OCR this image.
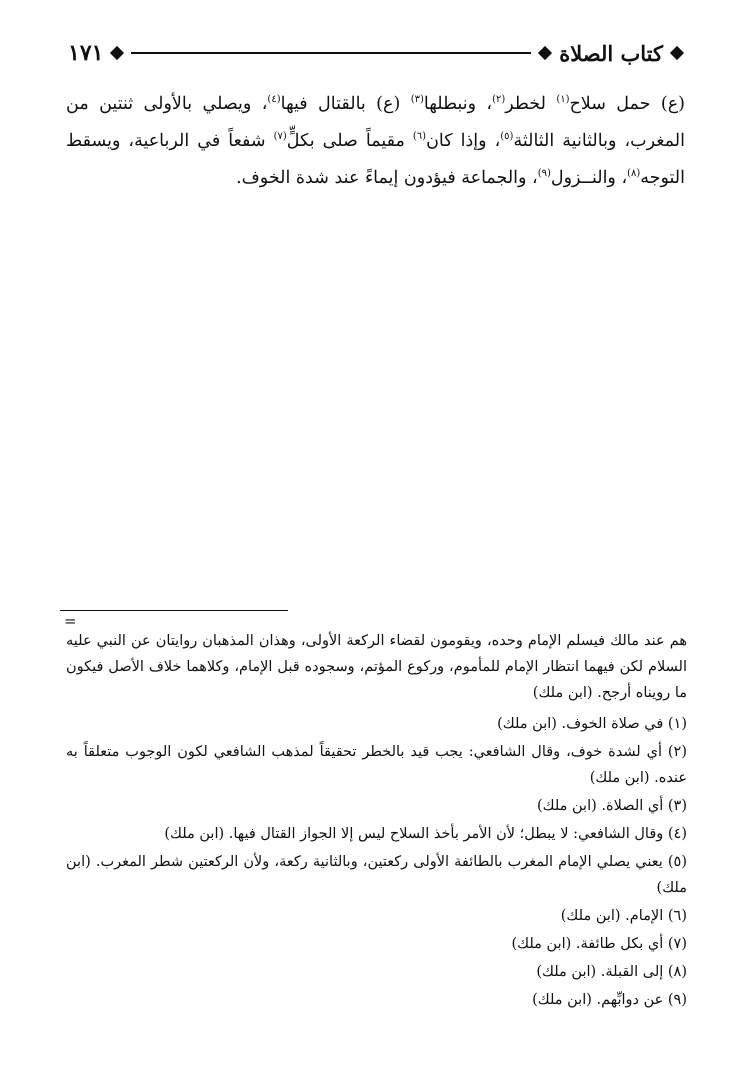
كتاب الصلاة
١٧١
(ع) حمل سلاح$^{(١)}$ لخطر$^{(٢)}$، ونبطلها$^{(٣)}$ (ع) بالقتال فيها$^{(٤)}$، ويصلي بالأولى ثنتين من المغرب، وبالثانية الثالثة$^{(٥)}$، وإذا كان$^{(٦)}$ مقيماً صلى بكلٍّ$^{(٧)}$ شفعاً في الرباعية، ويسقط التوجه$^{(٨)}$، والنــزول$^{(٩)}$، والجماعة فيؤدون إيماءً عند شدة الخوف.
=
هم عند مالك فيسلم الإمام وحده، ويقومون لقضاء الركعة الأولى، وهذان المذهبان روايتان عن النبي عليه السلام لكن فيهما انتظار الإمام للمأموم، وركوع المؤتم، وسجوده قبل الإمام، وكلاهما خلاف الأصل فيكون ما رويناه أرجح. (ابن ملك)
(١) في صلاة الخوف. (ابن ملك)
(٢) أي لشدة خوف، وقال الشافعي: يجب قيد بالخطر تحقيقاً لمذهب الشافعي لكون الوجوب متعلقاً به عنده. (ابن ملك)
(٣) أي الصلاة. (ابن ملك)
(٤) وقال الشافعي: لا يبطل؛ لأن الأمر بأخذ السلاح ليس إلا الجواز القتال فيها. (ابن ملك)
(٥) يعني يصلي الإمام المغرب بالطائفة الأولى ركعتين، وبالثانية ركعة، ولأن الركعتين شطر المغرب. (ابن ملك)
(٦) الإمام. (ابن ملك)
(٧) أي بكل طائفة. (ابن ملك)
(٨) إلى القبلة. (ابن ملك)
(٩) عن دوابِّهم. (ابن ملك)
